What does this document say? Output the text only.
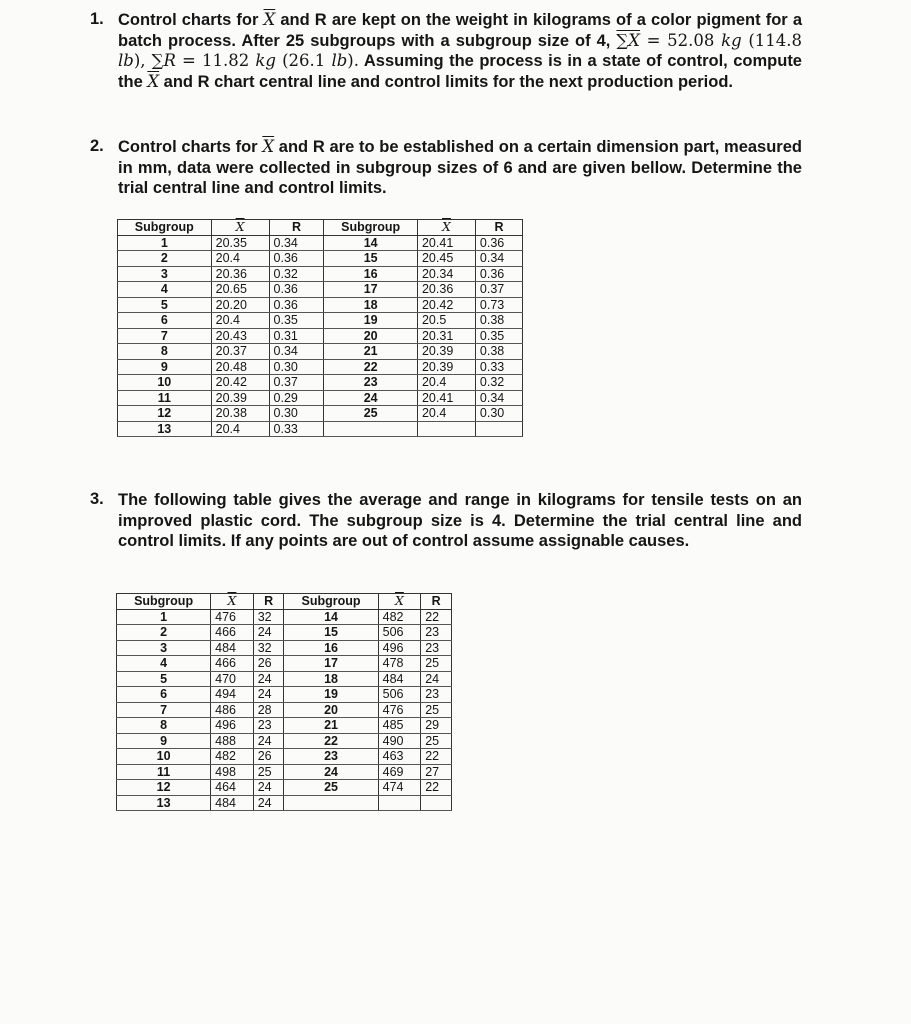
1. Control charts for $\overline{X}$ and R are kept on the weight in kilograms of a color pigment for a batch process. After 25 subgroups with a subgroup size of 4, ∑X = 52.08 kg (114.8 lb), ∑R = 11.82 kg (26.1 lb). Assuming the process is in a state of control, compute the $\overline{X}$ and R chart central line and control limits for the next production period.
2. Control charts for $\overline{X}$ and R are to be established on a certain dimension part, measured in mm, data were collected in subgroup sizes of 6 and are given bellow. Determine the trial central line and control limits.
Subgroup	$\overline{X}$	R	Subgroup	$\overline{X}$	R
1	20.35	0.34	14	20.41	0.36
2	20.4	0.36	15	20.45	0.34
3	20.36	0.32	16	20.34	0.36
4	20.65	0.36	17	20.36	0.37
5	20.20	0.36	18	20.42	0.73
6	20.4	0.35	19	20.5	0.38
7	20.43	0.31	20	20.31	0.35
8	20.37	0.34	21	20.39	0.38
9	20.48	0.30	22	20.39	0.33
10	20.42	0.37	23	20.4	0.32
11	20.39	0.29	24	20.41	0.34
12	20.38	0.30	25	20.4	0.30
13	20.4	0.33			
3. The following table gives the average and range in kilograms for tensile tests on an improved plastic cord. The subgroup size is 4. Determine the trial central line and control limits. If any points are out of control assume assignable causes.
Subgroup	$\overline{X}$	R	Subgroup	$\overline{X}$	R
1	476	32	14	482	22
2	466	24	15	506	23
3	484	32	16	496	23
4	466	26	17	478	25
5	470	24	18	484	24
6	494	24	19	506	23
7	486	28	20	476	25
8	496	23	21	485	29
9	488	24	22	490	25
10	482	26	23	463	22
11	498	25	24	469	27
12	464	24	25	474	22
13	484	24			
